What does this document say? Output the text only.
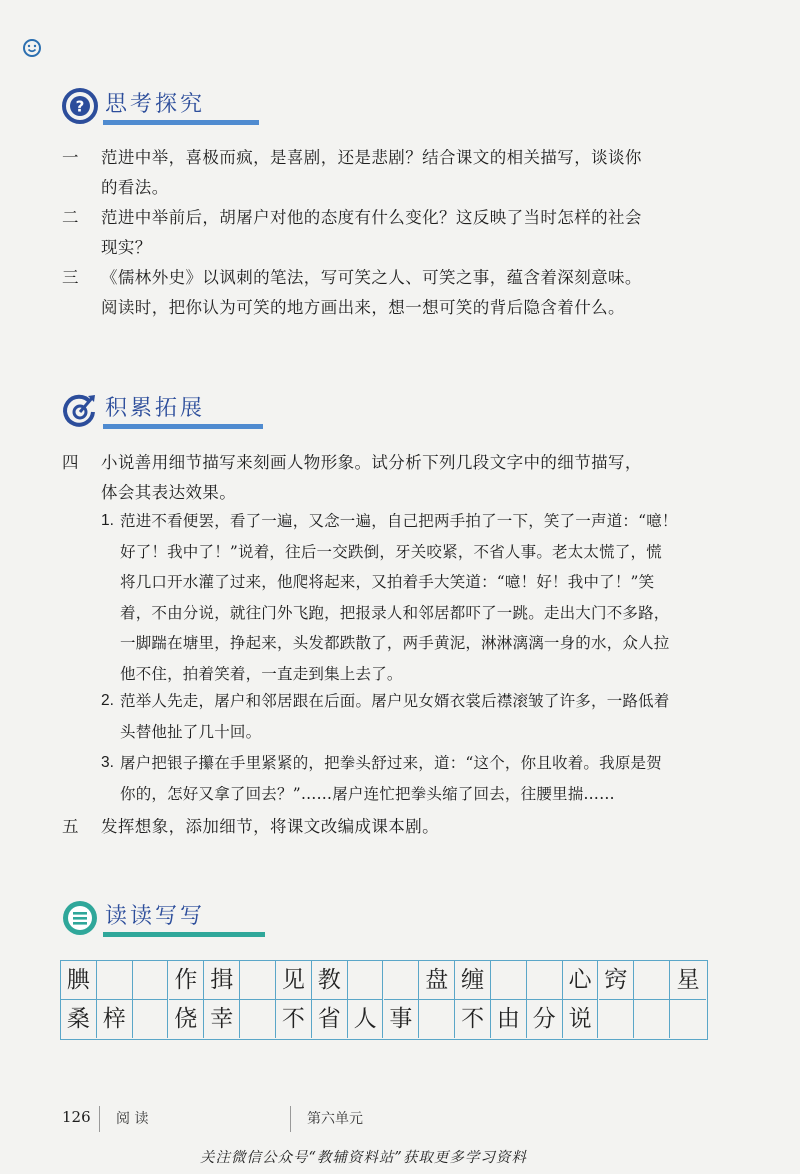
? 思考探究
一 范进中举，喜极而疯，是喜剧，还是悲剧？结合课文的相关描写，谈谈你
的看法。
二 范进中举前后，胡屠户对他的态度有什么变化？这反映了当时怎样的社会
现实？
三 《儒林外史》以讽刺的笔法，写可笑之人、可笑之事，蕴含着深刻意味。
阅读时，把你认为可笑的地方画出来，想一想可笑的背后隐含着什么。
积累拓展
四 小说善用细节描写来刻画人物形象。试分析下列几段文字中的细节描写，
体会其表达效果。
1. 范进不看便罢，看了一遍，又念一遍，自己把两手拍了一下，笑了一声道：“噫！
好了！我中了！”说着，往后一交跌倒，牙关咬紧，不省人事。老太太慌了，慌
将几口开水灌了过来，他爬将起来，又拍着手大笑道：“噫！好！我中了！”笑
着，不由分说，就往门外飞跑，把报录人和邻居都吓了一跳。走出大门不多路，
一脚踹在塘里，挣起来，头发都跌散了，两手黄泥，淋淋漓漓一身的水，众人拉
他不住，拍着笑着，一直走到集上去了。
2. 范举人先走，屠户和邻居跟在后面。屠户见女婿衣裳后襟滚皱了许多，一路低着
头替他扯了几十回。
3. 屠户把银子攥在手里紧紧的，把拳头舒过来，道：“这个，你且收着。我原是贺
你的，怎好又拿了回去？”……屠户连忙把拳头缩了回去，往腰里揣……
五 发挥想象，添加细节，将课文改编成课本剧。
读读写写
腆	作 揖	见 教	盘 缠	心 窍	星
桑 梓	侥 幸	不 省 人 事	不 由 分 说
126 阅 读	第六单元
关注微信公众号“教辅资料站”获取更多学习资料
